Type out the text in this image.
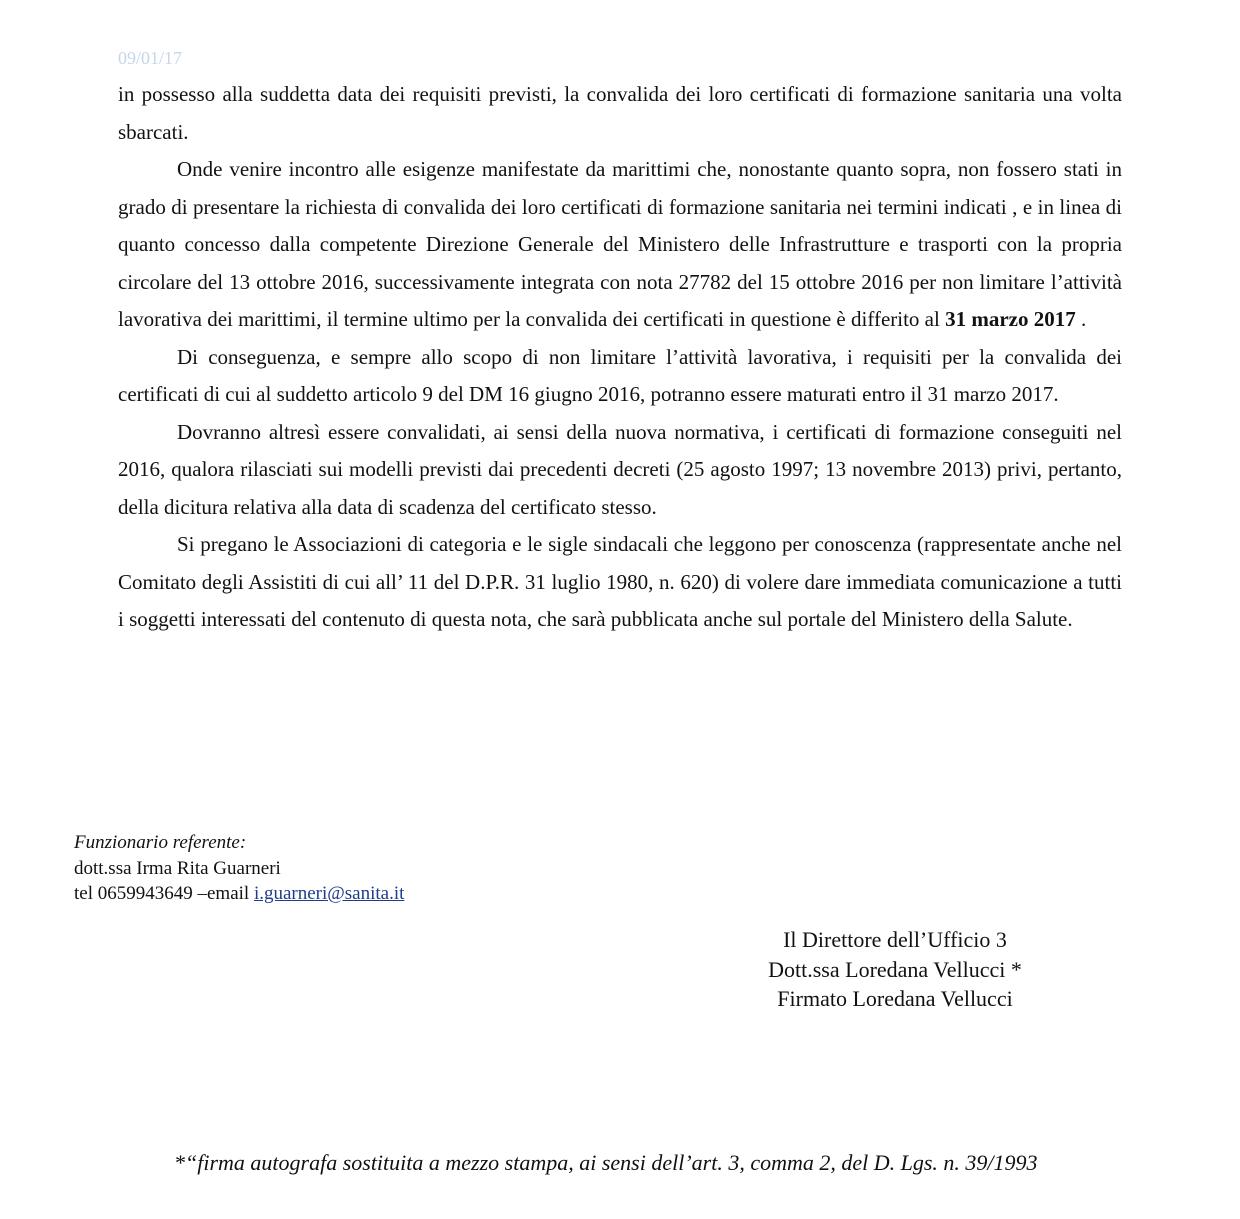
09/01/17

in possesso alla suddetta data dei requisiti previsti, la convalida dei loro certificati di formazione sanitaria una volta sbarcati.

Onde venire incontro alle esigenze manifestate da marittimi che, nonostante quanto sopra, non fossero stati in grado di presentare la richiesta di convalida dei loro certificati di formazione sanitaria nei termini indicati , e in linea di quanto concesso dalla competente Direzione Generale del Ministero delle Infrastrutture e trasporti con la propria circolare del 13 ottobre 2016, successivamente integrata con nota 27782 del 15 ottobre 2016 per non limitare l’attività lavorativa dei marittimi, il termine ultimo per la convalida dei certificati in questione è differito al 31 marzo 2017 .

Di conseguenza, e sempre allo scopo di non limitare l’attività lavorativa, i requisiti per la convalida dei certificati di cui al suddetto articolo 9 del DM 16 giugno 2016, potranno essere maturati entro il 31 marzo 2017.

Dovranno altresì essere convalidati, ai sensi della nuova normativa, i certificati di formazione conseguiti nel 2016, qualora rilasciati sui modelli previsti dai precedenti decreti (25 agosto 1997; 13 novembre 2013) privi, pertanto, della dicitura relativa alla data di scadenza del certificato stesso.

Si pregano le Associazioni di categoria e le sigle sindacali che leggono per conoscenza (rappresentate anche nel Comitato degli Assistiti di cui all’ 11 del D.P.R. 31 luglio 1980, n. 620) di volere dare immediata comunicazione a tutti i soggetti interessati del contenuto di questa nota, che sarà pubblicata anche sul portale del Ministero della Salute.

Funzionario referente:
dott.ssa Irma Rita Guarneri
tel 0659943649 –email i.guarneri@sanita.it
Il Direttore dell’Ufficio 3
Dott.ssa Loredana Vellucci *
Firmato Loredana Vellucci
*“firma autografa sostituita a mezzo stampa, ai sensi dell’art. 3, comma 2, del D. Lgs. n. 39/1993
